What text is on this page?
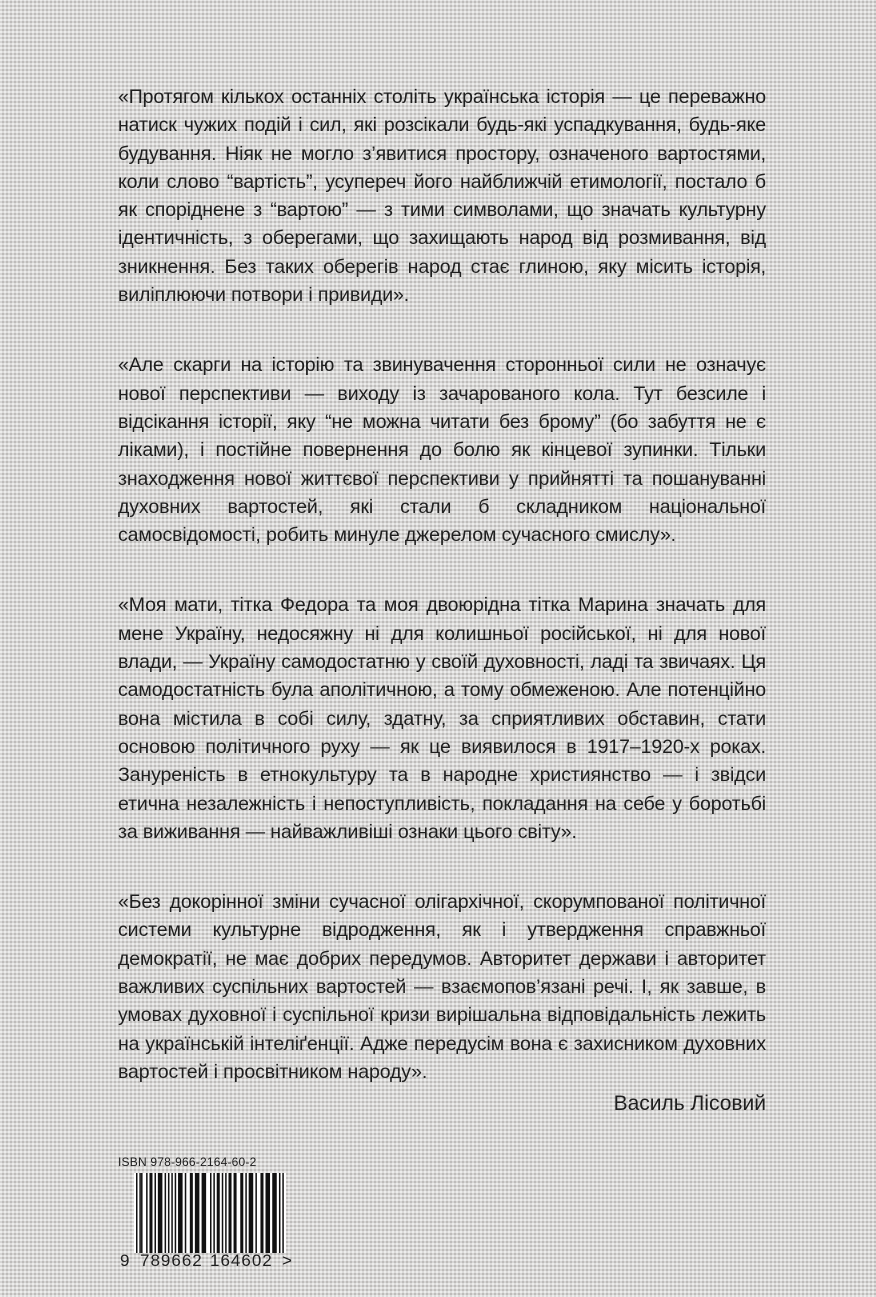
«Протягом кількох останніх століть українська історія — це переважно натиск чужих подій і сил, які розсікали будь-які успадкування, будь-яке будування. Ніяк не могло з’явитися простору, означеного вартостями, коли слово “вартість”, усупереч його найближчій етимології, постало б як споріднене з “вартою” — з тими символами, що значать культурну ідентичність, з оберегами, що захищають народ від розмивання, від зникнення. Без таких оберегів народ стає глиною, яку місить історія, виліплюючи потвори і привиди».

«Але скарги на історію та звинувачення сторонньої сили не означує нової перспективи — виходу із зачарованого кола. Тут безсиле і відсікання історії, яку “не можна читати без брому” (бо забуття не є ліками), і постійне повернення до болю як кінцевої зупинки. Тільки знаходження нової життєвої перспективи у прийнятті та пошануванні духовних вартостей, які стали б складником національної самосвідомості, робить минуле джерелом сучасного смислу».

«Моя мати, тітка Федора та моя двоюрідна тітка Марина значать для мене Україну, недосяжну ні для колишньої російської, ні для нової влади, — Україну самодостатню у своїй духовності, ладі та звичаях. Ця самодостатність була аполітичною, а тому обмеженою. Але потенційно вона містила в собі силу, здатну, за сприятливих обставин, стати основою політичного руху — як це виявилося в 1917–1920-х роках. Зануреність в етнокультуру та в народне християнство — і звідси етична незалежність і непоступливість, покладання на себе у боротьбі за виживання — найважливіші ознаки цього світу».

«Без докорінної зміни сучасної олігархічної, скорумпованої політичної системи культурне відродження, як і утвердження справжньої демократії, не має добрих передумов. Авторитет держави і авторитет важливих суспільних вартостей — взаємопов’язані речі. І, як завше, в умовах духовної і суспільної кризи вирішальна відповідальність лежить на українській інтеліґенції. Адже передусім вона є захисником духовних вартостей і просвітником народу».

Василь Лісовий
ISBN 978-966-2164-60-2
9 789662 164602 >
